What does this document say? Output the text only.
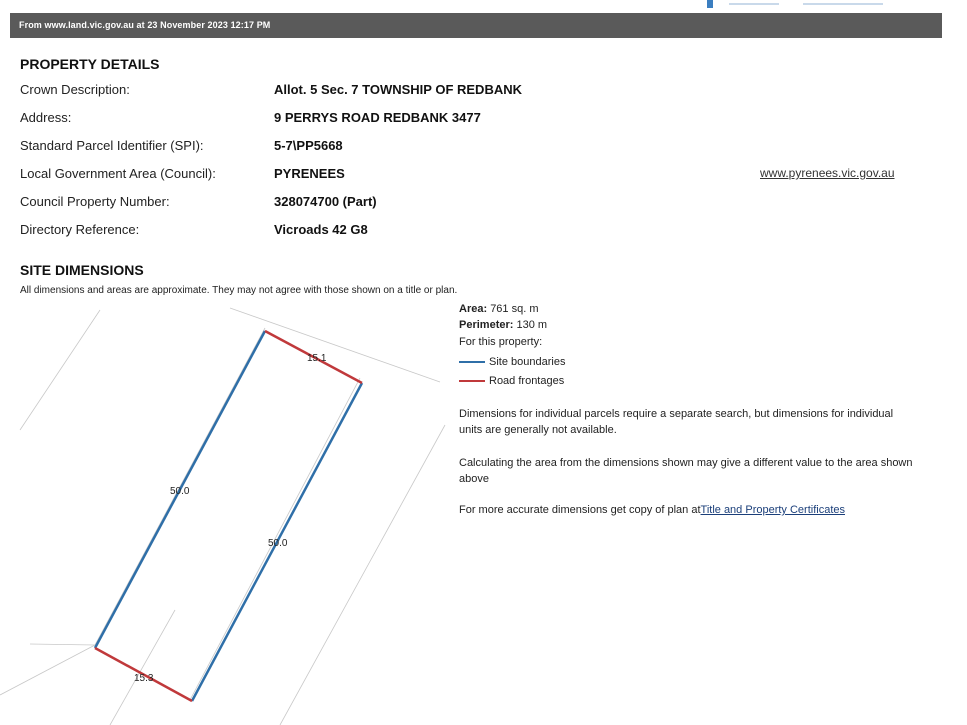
From www.land.vic.gov.au at 23 November 2023 12:17 PM
PROPERTY DETAILS
Crown Description:	Allot. 5 Sec. 7 TOWNSHIP OF REDBANK
Address:	9 PERRYS ROAD REDBANK 3477
Standard Parcel Identifier (SPI):	5-7\PP5668
Local Government Area (Council):	PYRENEES	www.pyrenees.vic.gov.au
Council Property Number:	328074700 (Part)
Directory Reference:	Vicroads 42 G8
SITE DIMENSIONS
All dimensions and areas are approximate. They may not agree with those shown on a title or plan.
15.1
50.0
50.0
15.3
Area: 761 sq. m
Perimeter: 130 m
For this property:
Site boundaries
Road frontages
Dimensions for individual parcels require a separate search, but dimensions for individual units are generally not available.
Calculating the area from the dimensions shown may give a different value to the area shown above
For more accurate dimensions get copy of plan atTitle and Property Certificates
